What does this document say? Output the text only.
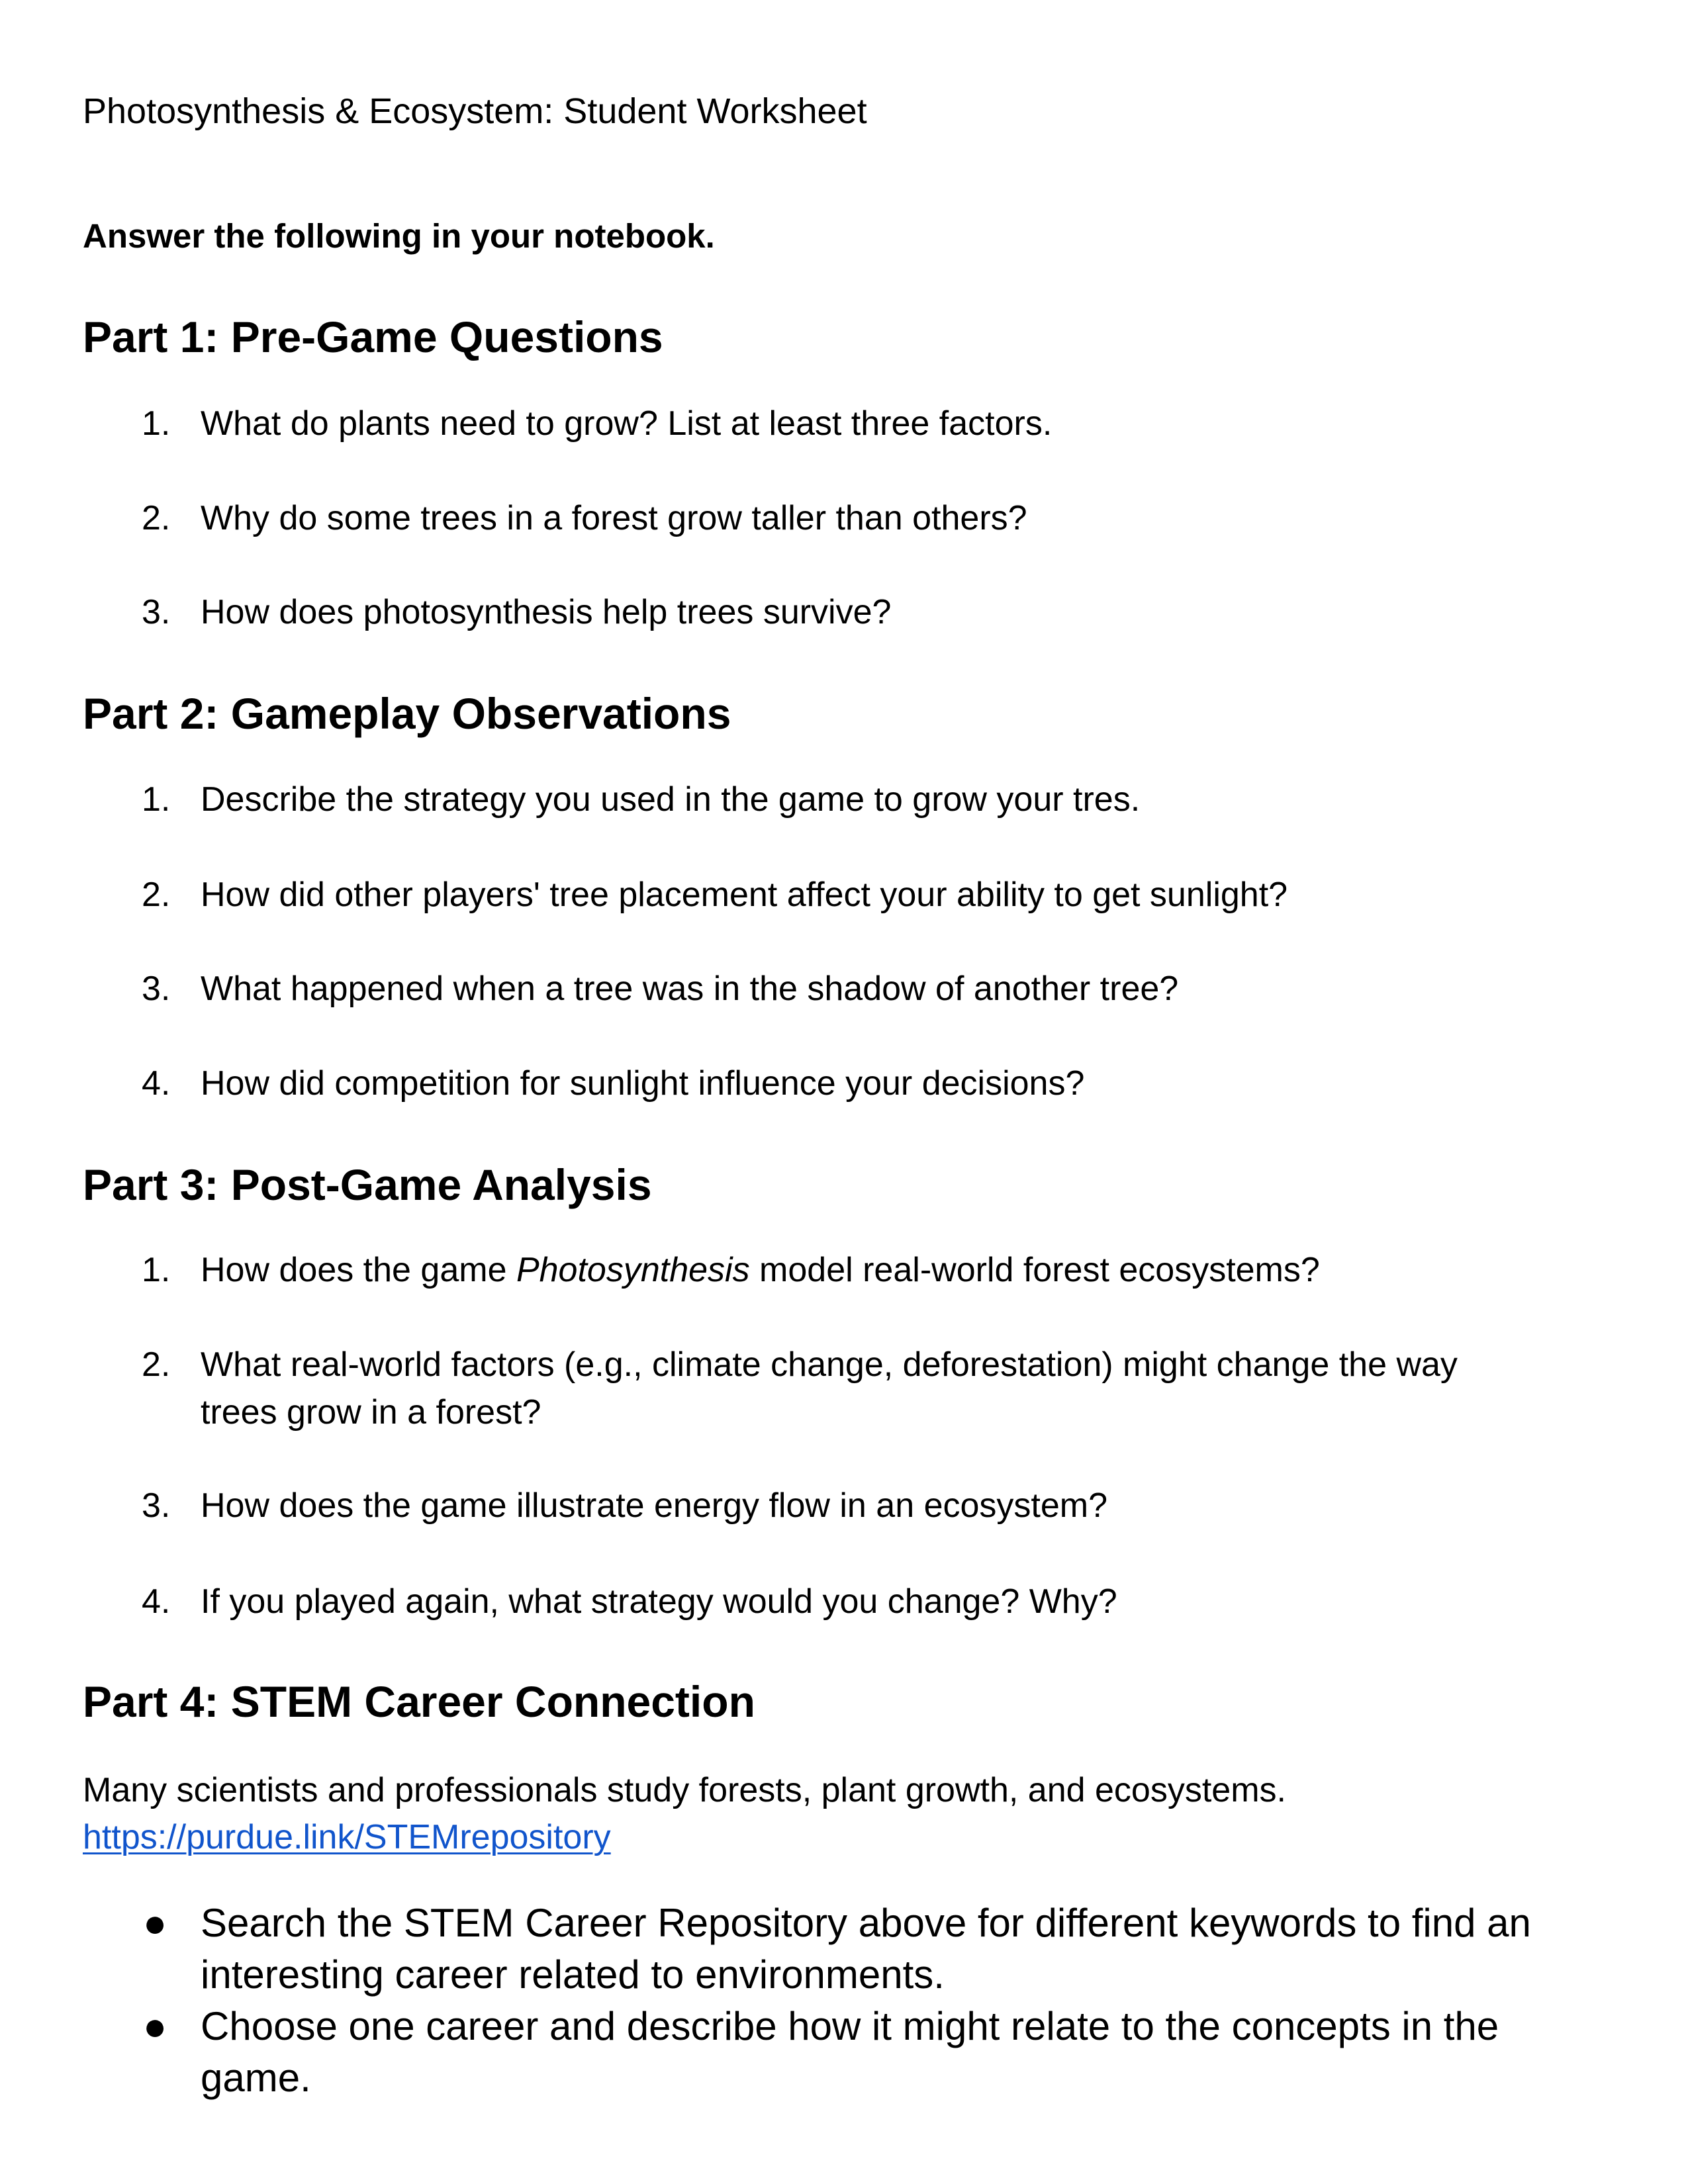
Photosynthesis & Ecosystem: Student Worksheet
Answer the following in your notebook.
Part 1: Pre-Game Questions
1. What do plants need to grow? List at least three factors.
2. Why do some trees in a forest grow taller than others?
3. How does photosynthesis help trees survive?
Part 2: Gameplay Observations
1. Describe the strategy you used in the game to grow your tres.
2. How did other players' tree placement affect your ability to get sunlight?
3. What happened when a tree was in the shadow of another tree?
4. How did competition for sunlight influence your decisions?
Part 3: Post-Game Analysis
1. How does the game Photosynthesis model real-world forest ecosystems?
2. What real-world factors (e.g., climate change, deforestation) might change the way trees grow in a forest?
3. How does the game illustrate energy flow in an ecosystem?
4. If you played again, what strategy would you change? Why?
Part 4: STEM Career Connection
Many scientists and professionals study forests, plant growth, and ecosystems.
https://purdue.link/STEMrepository
● Search the STEM Career Repository above for different keywords to find an interesting career related to environments.
● Choose one career and describe how it might relate to the concepts in the game.
